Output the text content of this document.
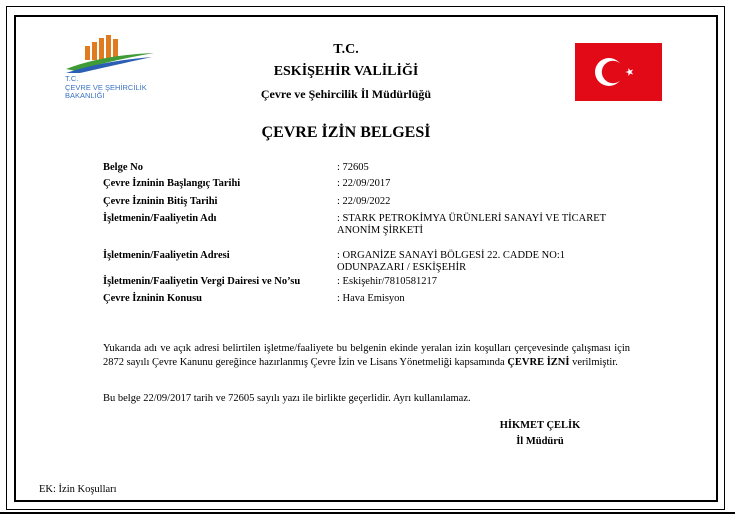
T.C.
ÇEVRE VE ŞEHİRCİLİK
BAKANLIĞI
T.C.
ESKİŞEHİR VALİLİĞİ
Çevre ve Şehircilik İl Müdürlüğü
ÇEVRE İZİN BELGESİ
Belge No	: 72605
Çevre İzninin Başlangıç Tarihi	: 22/09/2017
Çevre İzninin Bitiş Tarihi	: 22/09/2022
İşletmenin/Faaliyetin Adı	: STARK PETROKİMYA ÜRÜNLERİ SANAYİ VE TİCARET
ANONİM ŞİRKETİ
İşletmenin/Faaliyetin Adresi	: ORGANİZE SANAYİ BÖLGESİ 22. CADDE NO:1
ODUNPAZARI / ESKİŞEHİR
İşletmenin/Faaliyetin Vergi Dairesi ve No’su	: Eskişehir/7810581217
Çevre İzninin Konusu	: Hava Emisyon
Yukarıda adı ve açık adresi belirtilen işletme/faaliyete bu belgenin ekinde yeralan izin koşulları çerçevesinde çalışması için 2872 sayılı Çevre Kanunu gereğince hazırlanmış Çevre İzin ve Lisans Yönetmeliği kapsamında ÇEVRE İZNİ verilmiştir.
Bu belge 22/09/2017 tarih ve 72605 sayılı yazı ile birlikte geçerlidir. Ayrı kullanılamaz.
HİKMET ÇELİK
İl Müdürü
EK: İzin Koşulları
